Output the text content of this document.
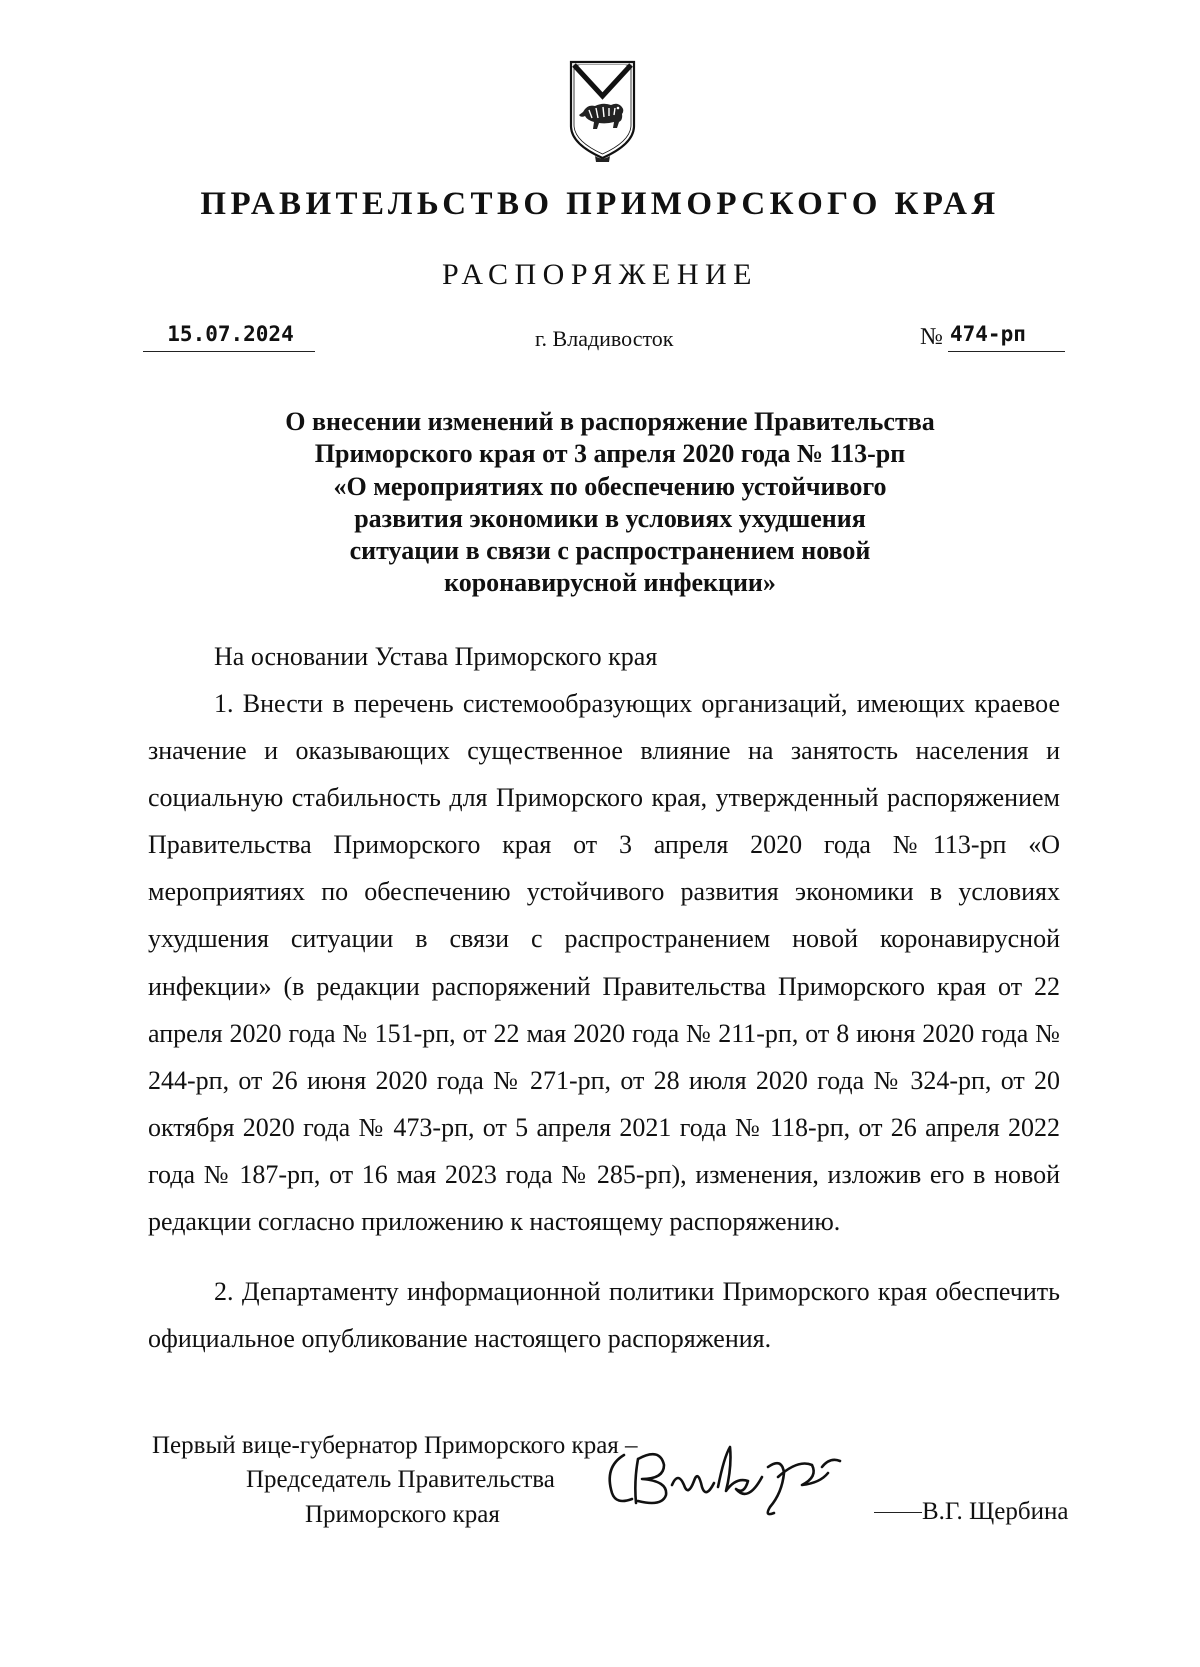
ПРАВИТЕЛЬСТВО ПРИМОРСКОГО КРАЯ
РАСПОРЯЖЕНИЕ
15.07.2024	г. Владивосток	№ 474-рп
О внесении изменений в распоряжение Правительства
Приморского края от 3 апреля 2020 года № 113-рп
«О мероприятиях по обеспечению устойчивого
развития экономики в условиях ухудшения
ситуации в связи с распространением новой
коронавирусной инфекции»
На основании Устава Приморского края
1. Внести в перечень системообразующих организаций, имеющих краевое значение и оказывающих существенное влияние на занятость населения и социальную стабильность для Приморского края, утвержденный распоряжением Правительства Приморского края от 3 апреля 2020 года №113-рп «О мероприятиях по обеспечению устойчивого развития экономики в условиях ухудшения ситуации в связи с распространением новой коронавирусной инфекции» (в редакции распоряжений Правительства Приморского края от 22 апреля 2020 года № 151-рп, от 22 мая 2020 года № 211-рп, от 8 июня 2020 года № 244-рп, от 26 июня 2020 года № 271-рп, от 28 июля 2020 года № 324-рп, от 20 октября 2020 года № 473-рп, от 5 апреля 2021 года № 118-рп, от 26 апреля 2022 года № 187-рп, от 16 мая 2023 года № 285-рп), изменения, изложив его в новой редакции согласно приложению к настоящему распоряжению.
2. Департаменту информационной политики Приморского края обеспечить официальное опубликование настоящего распоряжения.
Первый вице-губернатор Приморского края –
Председатель Правительства
Приморского края	В.Г. Щербина
